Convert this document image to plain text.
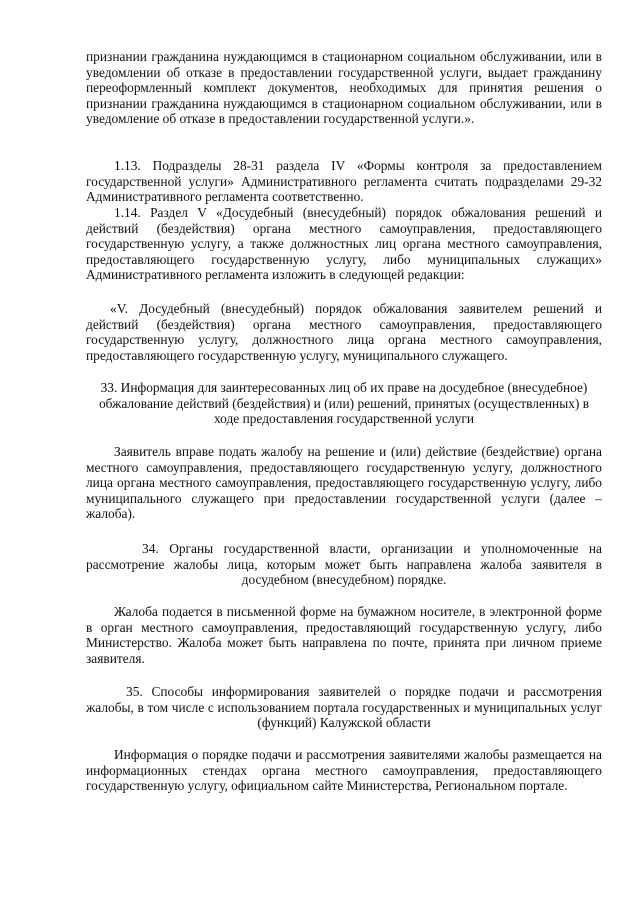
признании гражданина нуждающимся в стационарном социальном обслуживании, или в уведомлении об отказе в предоставлении государственной услуги, выдает гражданину переоформленный комплект документов, необходимых для принятия решения о признании гражданина нуждающимся в стационарном социальном обслуживании, или в уведомление об отказе в предоставлении государственной услуги.».

1.13. Подразделы 28-31 раздела IV «Формы контроля за предоставлением государственной услуги» Административного регламента считать подразделами 29-32 Административного регламента соответственно.

1.14. Раздел V «Досудебный (внесудебный) порядок обжалования решений и действий (бездействия) органа местного самоуправления, предоставляющего государственную услугу, а также должностных лиц органа местного самоуправления, предоставляющего государственную услугу, либо муниципальных служащих» Административного регламента изложить в следующей редакции:

«V. Досудебный (внесудебный) порядок обжалования заявителем решений и действий (бездействия) органа местного самоуправления, предоставляющего государственную услугу, должностного лица органа местного самоуправления, предоставляющего государственную услугу, муниципального служащего.

33. Информация для заинтересованных лиц об их праве на досудебное (внесудебное) обжалование действий (бездействия) и (или) решений, принятых (осуществленных) в ходе предоставления государственной услуги

Заявитель вправе подать жалобу на решение и (или) действие (бездействие) органа местного самоуправления, предоставляющего государственную услугу, должностного лица органа местного самоуправления, предоставляющего государственную услугу, либо муниципального служащего при предоставлении государственной услуги (далее – жалоба).

34. Органы государственной власти, организации и уполномоченные на рассмотрение жалобы лица, которым может быть направлена жалоба заявителя в досудебном (внесудебном) порядке.

Жалоба подается в письменной форме на бумажном носителе, в электронной форме в орган местного самоуправления, предоставляющий государственную услугу, либо Министерство. Жалоба может быть направлена по почте, принята при личном приеме заявителя.

35. Способы информирования заявителей о порядке подачи и рассмотрения жалобы, в том числе с использованием портала государственных и муниципальных услуг (функций) Калужской области

Информация о порядке подачи и рассмотрения заявителями жалобы размещается на информационных стендах органа местного самоуправления, предоставляющего государственную услугу, официальном сайте Министерства, Региональном портале.
